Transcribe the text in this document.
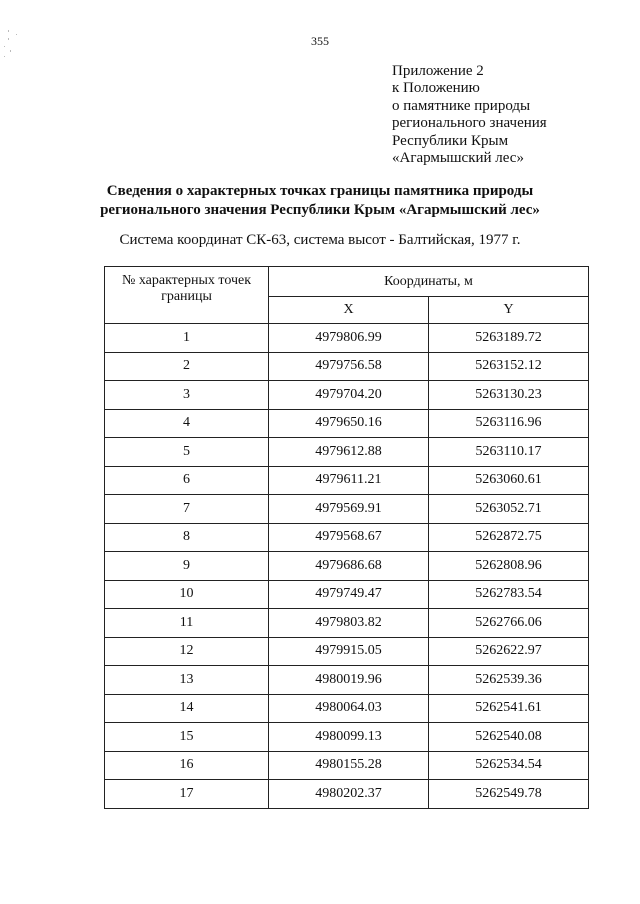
355
Приложение 2
к Положению
о памятнике природы
регионального значения
Республики Крым
«Агармышский лес»
Сведения о характерных точках границы памятника природы
регионального значения Республики Крым «Агармышский лес»
Система координат СК-63, система высот - Балтийская, 1977 г.
№ характерных точек границы	Координаты, м	
	X	Y
1	4979806.99	5263189.72
2	4979756.58	5263152.12
3	4979704.20	5263130.23
4	4979650.16	5263116.96
5	4979612.88	5263110.17
6	4979611.21	5263060.61
7	4979569.91	5263052.71
8	4979568.67	5262872.75
9	4979686.68	5262808.96
10	4979749.47	5262783.54
11	4979803.82	5262766.06
12	4979915.05	5262622.97
13	4980019.96	5262539.36
14	4980064.03	5262541.61
15	4980099.13	5262540.08
16	4980155.28	5262534.54
17	4980202.37	5262549.78
